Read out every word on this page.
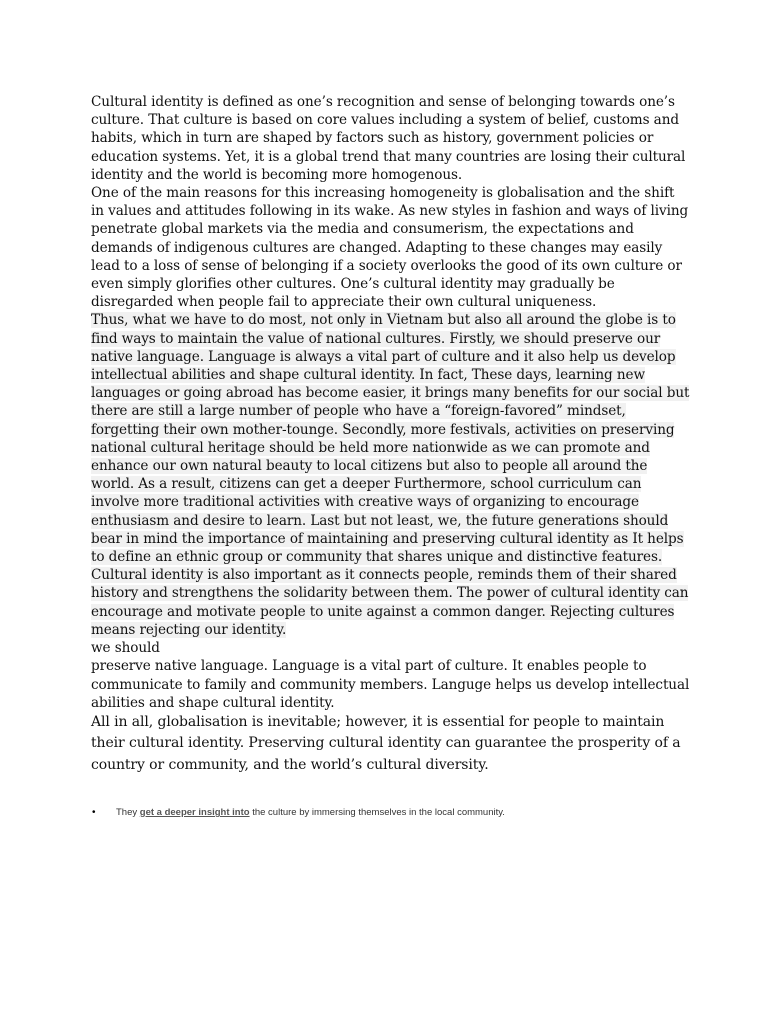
Cultural identity is defined as one’s recognition and sense of belonging towards one’s culture. That culture is based on core values including a system of belief, customs and habits, which in turn are shaped by factors such as history, government policies or education systems. Yet, it is a global trend that many countries are losing their cultural identity and the world is becoming more homogenous.

One of the main reasons for this increasing homogeneity is globalisation and the shift in values and attitudes following in its wake. As new styles in fashion and ways of living penetrate global markets via the media and consumerism, the expectations and demands of indigenous cultures are changed. Adapting to these changes may easily lead to a loss of sense of belonging if a society overlooks the good of its own culture or even simply glorifies other cultures. One’s cultural identity may gradually be disregarded when people fail to appreciate their own cultural uniqueness.

Thus, what we have to do most, not only in Vietnam but also all around the globe is to find ways to maintain the value of national cultures. Firstly, we should preserve our native language. Language is always a vital part of culture and it also help us develop intellectual abilities and shape cultural identity. In fact, These days, learning new languages or going abroad has become easier, it brings many benefits for our social but there are still a large number of people who have a “foreign-favored” mindset, forgetting their own mother-tounge. Secondly, more festivals, activities on preserving national cultural heritage should be held more nationwide as we can promote and enhance our own natural beauty to local citizens but also to people all around the world. As a result, citizens can get a deeper Furthermore, school curriculum can involve more traditional activities with creative ways of organizing to encourage enthusiasm and desire to learn. Last but not least, we, the future generations should bear in mind the importance of maintaining and preserving cultural identity as It helps to define an ethnic group or community that shares unique and distinctive features. Cultural identity is also important as it connects people, reminds them of their shared history and strengthens the solidarity between them. The power of cultural identity can encourage and motivate people to unite against a common danger. Rejecting cultures means rejecting our identity.

we should

preserve native language. Language is a vital part of culture. It enables people to communicate to family and community members. Languge helps us develop intellectual abilities and shape cultural identity.

All in all, globalisation is inevitable; however, it is essential for people to maintain their cultural identity. Preserving cultural identity can guarantee the prosperity of a country or community, and the world’s cultural diversity.

•	They get a deeper insight into the culture by immersing themselves in the local community.
